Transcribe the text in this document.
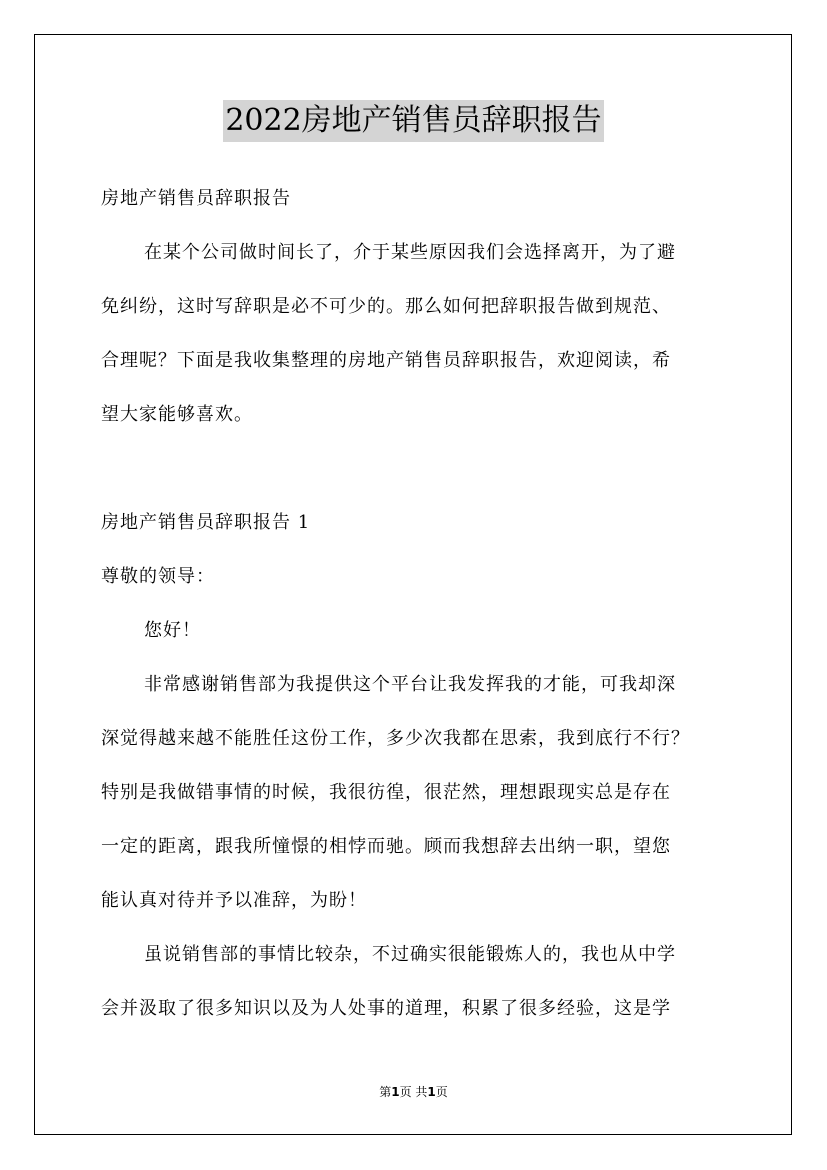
2022房地产销售员辞职报告
房地产销售员辞职报告
在某个公司做时间长了，介于某些原因我们会选择离开，为了避
免纠纷，这时写辞职是必不可少的。那么如何把辞职报告做到规范、
合理呢？下面是我收集整理的房地产销售员辞职报告，欢迎阅读，希
望大家能够喜欢。
房地产销售员辞职报告 1
尊敬的领导：
您好！
非常感谢销售部为我提供这个平台让我发挥我的才能，可我却深
深觉得越来越不能胜任这份工作，多少次我都在思索，我到底行不行？
特别是我做错事情的时候，我很彷徨，很茫然，理想跟现实总是存在
一定的距离，跟我所憧憬的相悖而驰。顾而我想辞去出纳一职，望您
能认真对待并予以准辞，为盼！
虽说销售部的事情比较杂，不过确实很能锻炼人的，我也从中学
会并汲取了很多知识以及为人处事的道理，积累了很多经验，这是学
第1页 共1页
